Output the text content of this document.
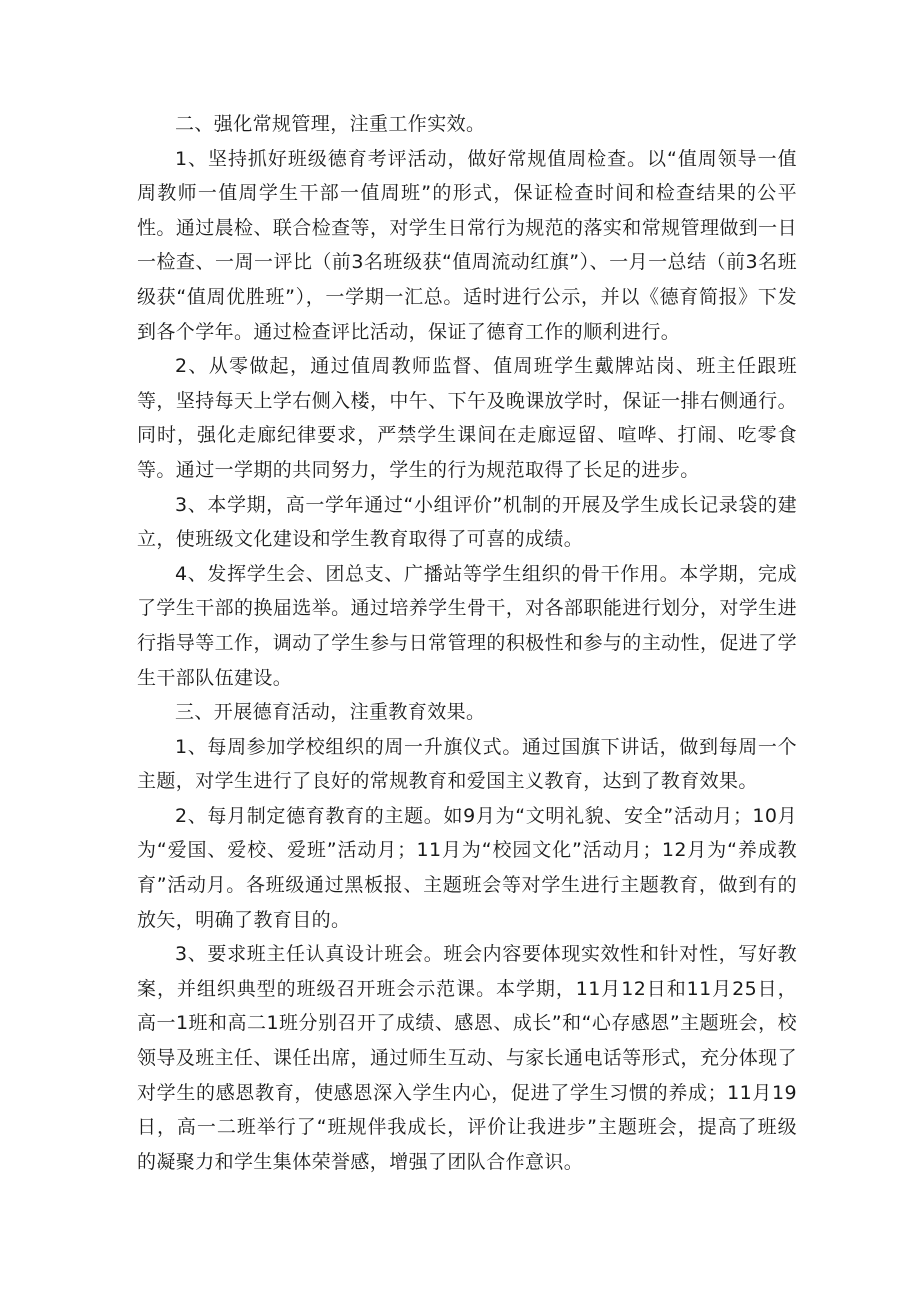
二、强化常规管理，注重工作实效。

1、坚持抓好班级德育考评活动，做好常规值周检查。以“值周领导一值周教师一值周学生干部一值周班”的形式，保证检查时间和检查结果的公平性。通过晨检、联合检查等，对学生日常行为规范的落实和常规管理做到一日一检查、一周一评比（前3名班级获“值周流动红旗”）、一月一总结（前3名班级获“值周优胜班”），一学期一汇总。适时进行公示，并以《德育简报》下发到各个学年。通过检查评比活动，保证了德育工作的顺利进行。

2、从零做起，通过值周教师监督、值周班学生戴牌站岗、班主任跟班等，坚持每天上学右侧入楼，中午、下午及晚课放学时，保证一排右侧通行。同时，强化走廊纪律要求，严禁学生课间在走廊逗留、喧哗、打闹、吃零食等。通过一学期的共同努力，学生的行为规范取得了长足的进步。

3、本学期，高一学年通过“小组评价”机制的开展及学生成长记录袋的建立，使班级文化建设和学生教育取得了可喜的成绩。

4、发挥学生会、团总支、广播站等学生组织的骨干作用。本学期，完成了学生干部的换届选举。通过培养学生骨干，对各部职能进行划分，对学生进行指导等工作，调动了学生参与日常管理的积极性和参与的主动性，促进了学生干部队伍建设。

三、开展德育活动，注重教育效果。

1、每周参加学校组织的周一升旗仪式。通过国旗下讲话，做到每周一个主题，对学生进行了良好的常规教育和爱国主义教育，达到了教育效果。

2、每月制定德育教育的主题。如9月为“文明礼貌、安全”活动月；10月为“爱国、爱校、爱班”活动月；11月为“校园文化”活动月；12月为“养成教育”活动月。各班级通过黑板报、主题班会等对学生进行主题教育，做到有的放矢，明确了教育目的。

3、要求班主任认真设计班会。班会内容要体现实效性和针对性，写好教案，并组织典型的班级召开班会示范课。本学期，11月12日和11月25日，高一1班和高二1班分别召开了成绩、感恩、成长”和“心存感恩”主题班会，校领导及班主任、课任出席，通过师生互动、与家长通电话等形式，充分体现了对学生的感恩教育，使感恩深入学生内心，促进了学生习惯的养成；11月19日，高一二班举行了“班规伴我成长，评价让我进步”主题班会，提高了班级的凝聚力和学生集体荣誉感，增强了团队合作意识。
